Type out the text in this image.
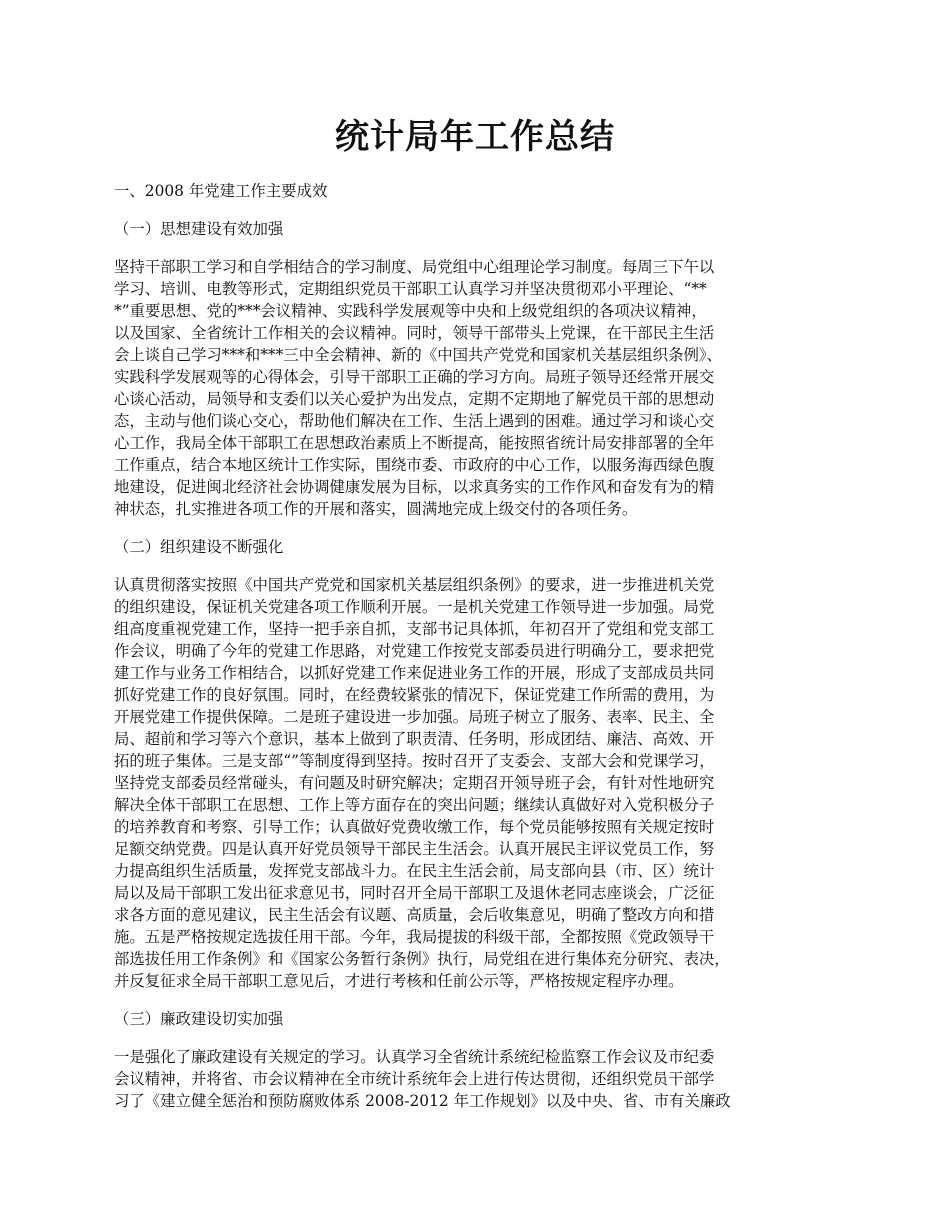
统计局年工作总结
一、2008 年党建工作主要成效
（一）思想建设有效加强
坚持干部职工学习和自学相结合的学习制度、局党组中心组理论学习制度。每周三下午以
学习、培训、电教等形式，定期组织党员干部职工认真学习并坚决贯彻邓小平理论、“**
*”重要思想、党的***会议精神、实践科学发展观等中央和上级党组织的各项决议精神，
以及国家、全省统计工作相关的会议精神。同时，领导干部带头上党课，在干部民主生活
会上谈自己学习***和***三中全会精神、新的《中国共产党党和国家机关基层组织条例》、
实践科学发展观等的心得体会，引导干部职工正确的学习方向。局班子领导还经常开展交
心谈心活动，局领导和支委们以关心爱护为出发点，定期不定期地了解党员干部的思想动
态，主动与他们谈心交心，帮助他们解决在工作、生活上遇到的困难。通过学习和谈心交
心工作，我局全体干部职工在思想政治素质上不断提高，能按照省统计局安排部署的全年
工作重点，结合本地区统计工作实际，围绕市委、市政府的中心工作，以服务海西绿色腹
地建设，促进闽北经济社会协调健康发展为目标，以求真务实的工作作风和奋发有为的精
神状态，扎实推进各项工作的开展和落实，圆满地完成上级交付的各项任务。
（二）组织建设不断强化
认真贯彻落实按照《中国共产党党和国家机关基层组织条例》的要求，进一步推进机关党
的组织建设，保证机关党建各项工作顺利开展。一是机关党建工作领导进一步加强。局党
组高度重视党建工作，坚持一把手亲自抓，支部书记具体抓，年初召开了党组和党支部工
作会议，明确了今年的党建工作思路，对党建工作按党支部委员进行明确分工，要求把党
建工作与业务工作相结合，以抓好党建工作来促进业务工作的开展，形成了支部成员共同
抓好党建工作的良好氛围。同时，在经费较紧张的情况下，保证党建工作所需的费用，为
开展党建工作提供保障。二是班子建设进一步加强。局班子树立了服务、表率、民主、全
局、超前和学习等六个意识，基本上做到了职责清、任务明，形成团结、廉洁、高效、开
拓的班子集体。三是支部“”等制度得到坚持。按时召开了支委会、支部大会和党课学习，
坚持党支部委员经常碰头，有问题及时研究解决；定期召开领导班子会，有针对性地研究
解决全体干部职工在思想、工作上等方面存在的突出问题；继续认真做好对入党积极分子
的培养教育和考察、引导工作；认真做好党费收缴工作，每个党员能够按照有关规定按时
足额交纳党费。四是认真开好党员领导干部民主生活会。认真开展民主评议党员工作，努
力提高组织生活质量，发挥党支部战斗力。在民主生活会前，局支部向县（市、区）统计
局以及局干部职工发出征求意见书，同时召开全局干部职工及退休老同志座谈会，广泛征
求各方面的意见建议，民主生活会有议题、高质量，会后收集意见，明确了整改方向和措
施。五是严格按规定选拔任用干部。今年，我局提拔的科级干部，全都按照《党政领导干
部选拔任用工作条例》和《国家公务暂行条例》执行，局党组在进行集体充分研究、表决，
并反复征求全局干部职工意见后，才进行考核和任前公示等，严格按规定程序办理。
（三）廉政建设切实加强
一是强化了廉政建设有关规定的学习。认真学习全省统计系统纪检监察工作会议及市纪委
会议精神，并将省、市会议精神在全市统计系统年会上进行传达贯彻，还组织党员干部学
习了《建立健全惩治和预防腐败体系 2008-2012 年工作规划》以及中央、省、市有关廉政
